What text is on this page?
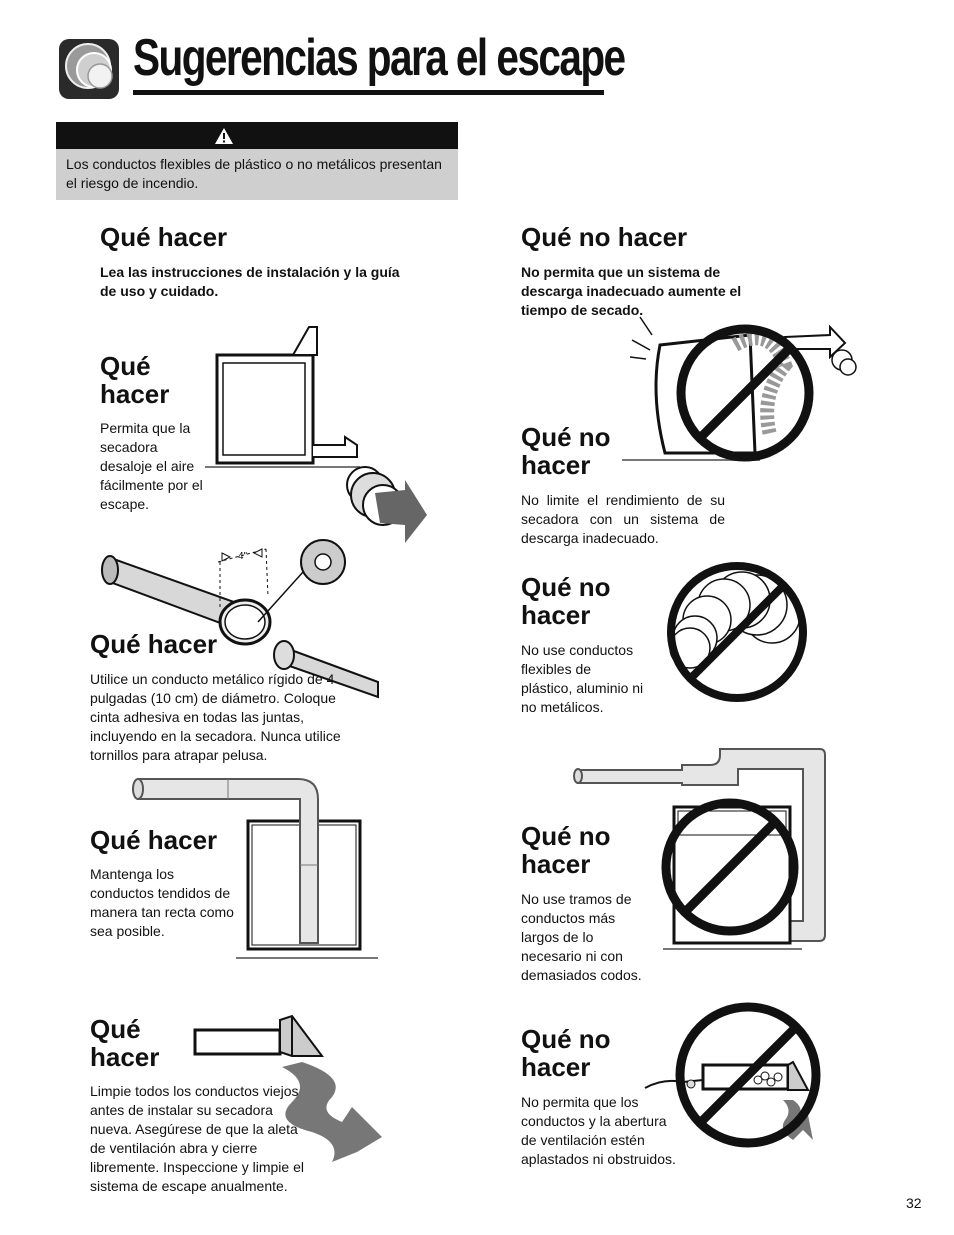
Sugerencias para el escape
Los conductos flexibles de plástico o no metálicos presentan el riesgo de incendio.
Qué hacer
Lea las instrucciones de instalación y la guía de uso y cuidado.
Qué
hacer
Permita que la secadora desaloje el aire fácilmente por el escape.
4"
Qué hacer
Utilice un conducto metálico rígido de 4 pulgadas (10 cm) de diámetro. Coloque cinta adhesiva en todas las juntas, incluyendo en la secadora. Nunca utilice tornillos para atrapar pelusa.
Qué hacer
Mantenga los conductos tendidos de manera tan recta como sea posible.
Qué
hacer
Limpie todos los conductos viejos antes de instalar su secadora nueva. Asegúrese de que la aleta de ventilación abra y cierre libremente. Inspeccione y limpie el sistema de escape anualmente.
Qué no hacer
No permita que un sistema de descarga inadecuado aumente el tiempo de secado.
Qué no
hacer
No limite el rendimiento de su secadora con un sistema de descarga inadecuado.
Qué no
hacer
No use conductos flexibles de plástico, aluminio ni no metálicos.
Qué no
hacer
No use tramos de conductos más largos de lo necesario ni con demasiados codos.
Qué no
hacer
No permita que los conductos y la abertura de ventilación estén aplastados ni obstruidos.
32
